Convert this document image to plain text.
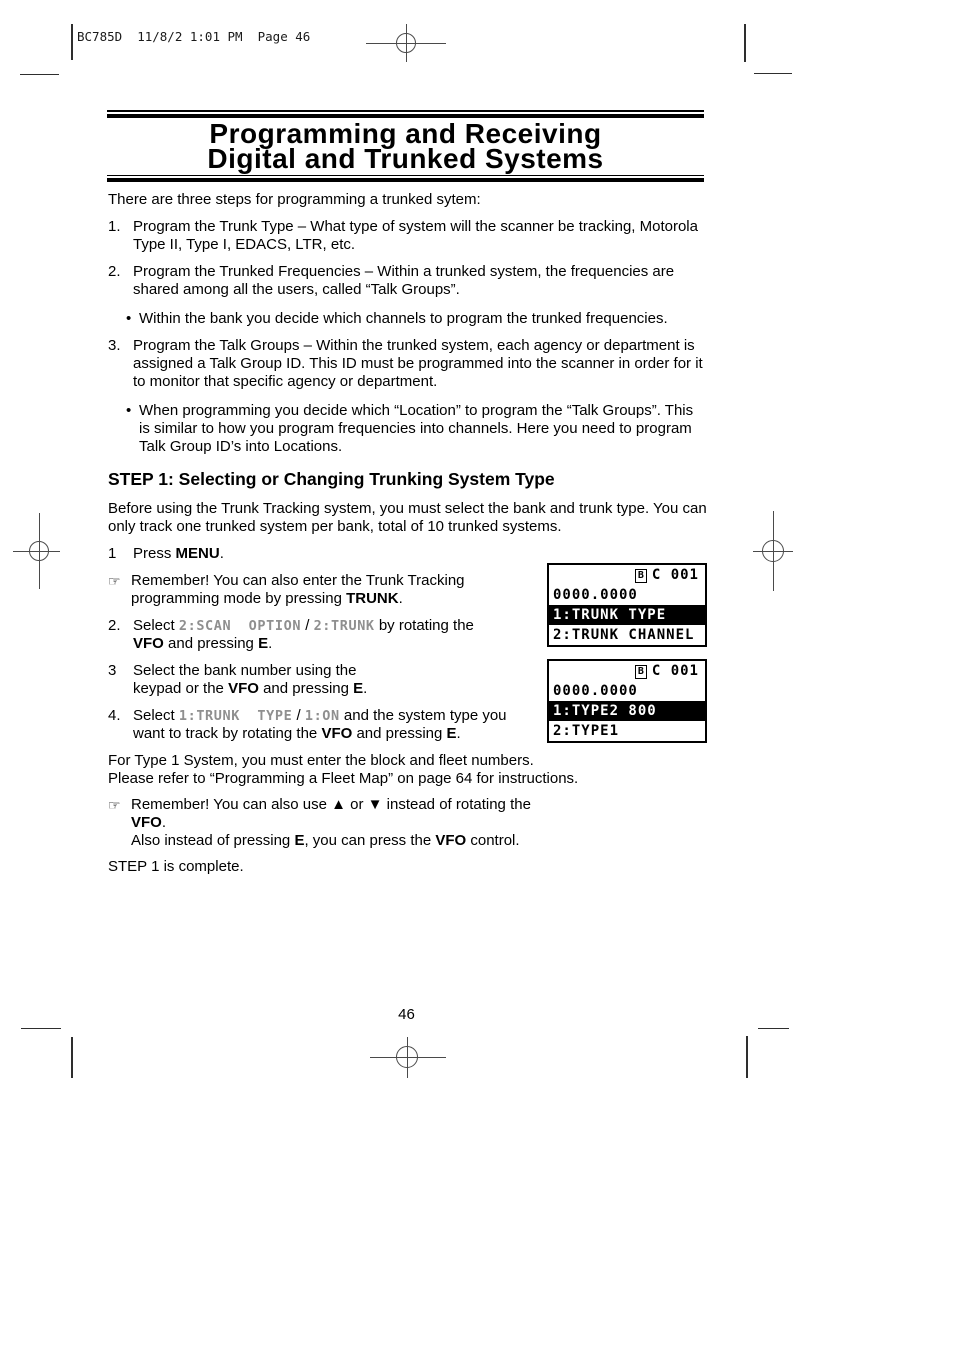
BC785D  11/8/2 1:01 PM  Page 46
Programming and Receiving
Digital and Trunked Systems

There are three steps for programming a trunked sytem:

1. Program the Trunk Type – What type of system will the scanner be tracking, Motorola Type II, Type I, EDACS, LTR, etc.
2. Program the Trunked Frequencies – Within a trunked system, the frequencies are shared among all the users, called “Talk Groups”.
• Within the bank you decide which channels to program the trunked frequencies.
3. Program the Talk Groups – Within the trunked system, each agency or department is assigned a Talk Group ID. This ID must be programmed into the scanner in order for it to monitor that specific agency or department.
• When programming you decide which “Location” to program the “Talk Groups”. This is similar to how you program frequencies into channels. Here you need to program Talk Group ID’s into Locations.
STEP 1: Selecting or Changing Trunking System Type

Before using the Trunk Tracking system, you must select the bank and trunk type. You can only track one trunked system per bank, total of 10 trunked systems.

1	Press MENU.
☞ Remember! You can also enter the Trunk Tracking
programming mode by pressing TRUNK.
2. Select 2:SCAN  OPTION / 2:TRUNK by rotating the
VFO and pressing E.
3	Select the bank number using the
keypad or the VFO and pressing E.
4. Select 1:TRUNK  TYPE / 1:ON and the system type you
want to track by rotating the VFO and pressing E.

For Type 1 System, you must enter the block and fleet numbers.
Please refer to “Programming a Fleet Map” on page 64 for instructions.

☞ Remember! You can also use ▲ or ▼ instead of rotating the VFO.
Also instead of pressing E, you can press the VFO control.

STEP 1 is complete.

B C 001
0000.0000
1:TRUNK TYPE
2:TRUNK CHANNEL
B C 001
0000.0000
1:TYPE2 800
2:TYPE1
46
